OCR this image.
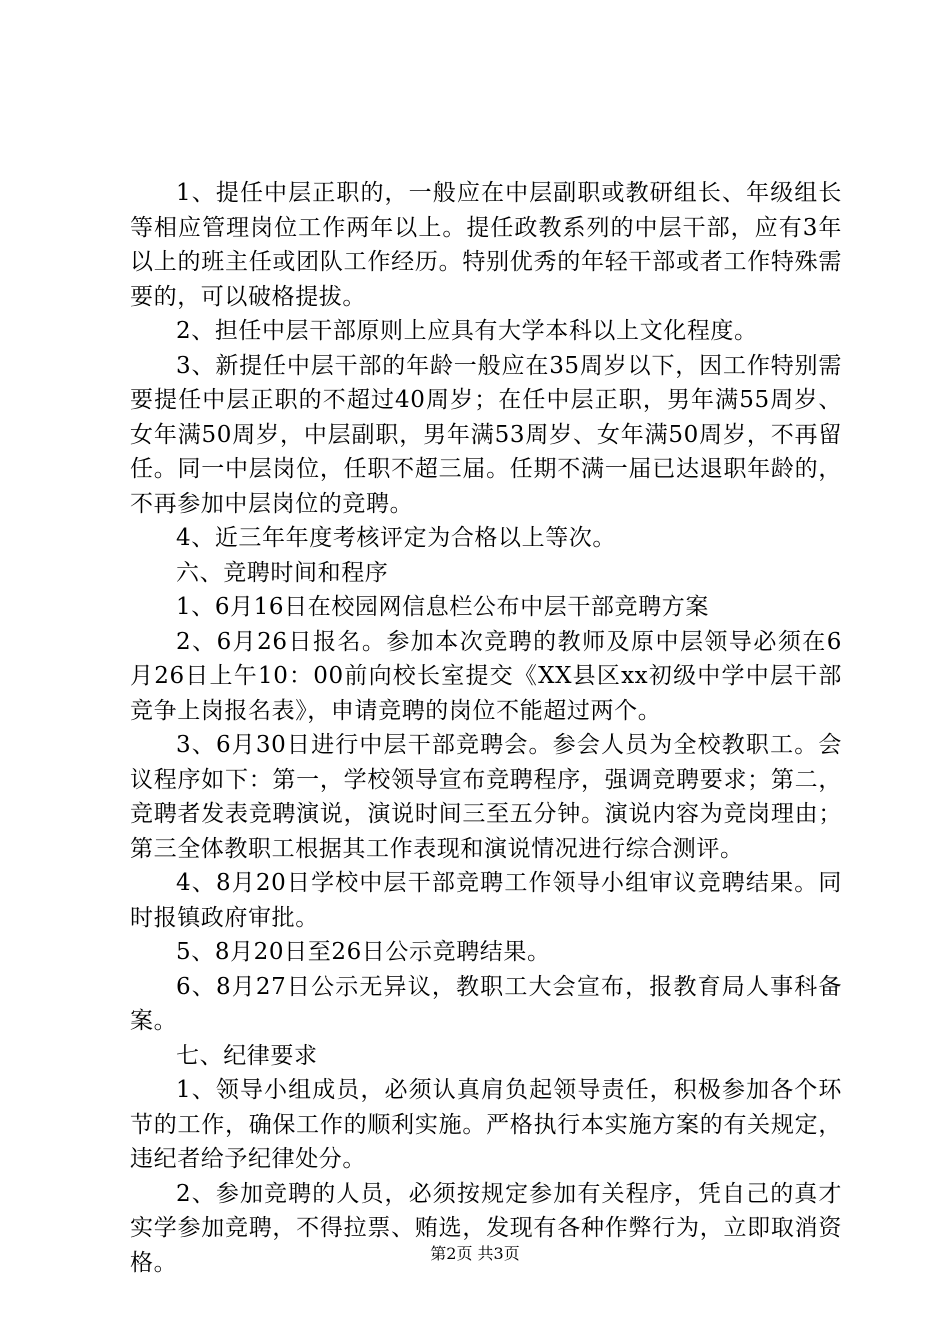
1、提任中层正职的，一般应在中层副职或教研组长、年级组长等相应管理岗位工作两年以上。提任政教系列的中层干部，应有3年以上的班主任或团队工作经历。特别优秀的年轻干部或者工作特殊需要的，可以破格提拔。

2、担任中层干部原则上应具有大学本科以上文化程度。

3、新提任中层干部的年龄一般应在35周岁以下，因工作特别需要提任中层正职的不超过40周岁；在任中层正职，男年满55周岁、女年满50周岁，中层副职，男年满53周岁、女年满50周岁，不再留任。同一中层岗位，任职不超三届。任期不满一届已达退职年龄的，不再参加中层岗位的竞聘。

4、近三年年度考核评定为合格以上等次。

六、竞聘时间和程序

1、6月16日在校园网信息栏公布中层干部竞聘方案

2、6月26日报名。参加本次竞聘的教师及原中层领导必须在6月26日上午10：00前向校长室提交《XX县区xx初级中学中层干部竞争上岗报名表》，申请竞聘的岗位不能超过两个。

3、6月30日进行中层干部竞聘会。参会人员为全校教职工。会议程序如下：第一，学校领导宣布竞聘程序，强调竞聘要求；第二，竞聘者发表竞聘演说，演说时间三至五分钟。演说内容为竞岗理由；第三全体教职工根据其工作表现和演说情况进行综合测评。

4、8月20日学校中层干部竞聘工作领导小组审议竞聘结果。同时报镇政府审批。

5、8月20日至26日公示竞聘结果。

6、8月27日公示无异议，教职工大会宣布，报教育局人事科备案。

七、纪律要求

1、领导小组成员，必须认真肩负起领导责任，积极参加各个环节的工作，确保工作的顺利实施。严格执行本实施方案的有关规定，违纪者给予纪律处分。

2、参加竞聘的人员，必须按规定参加有关程序，凭自己的真才实学参加竞聘，不得拉票、贿选，发现有各种作弊行为，立即取消资格。	第2页 共3页
